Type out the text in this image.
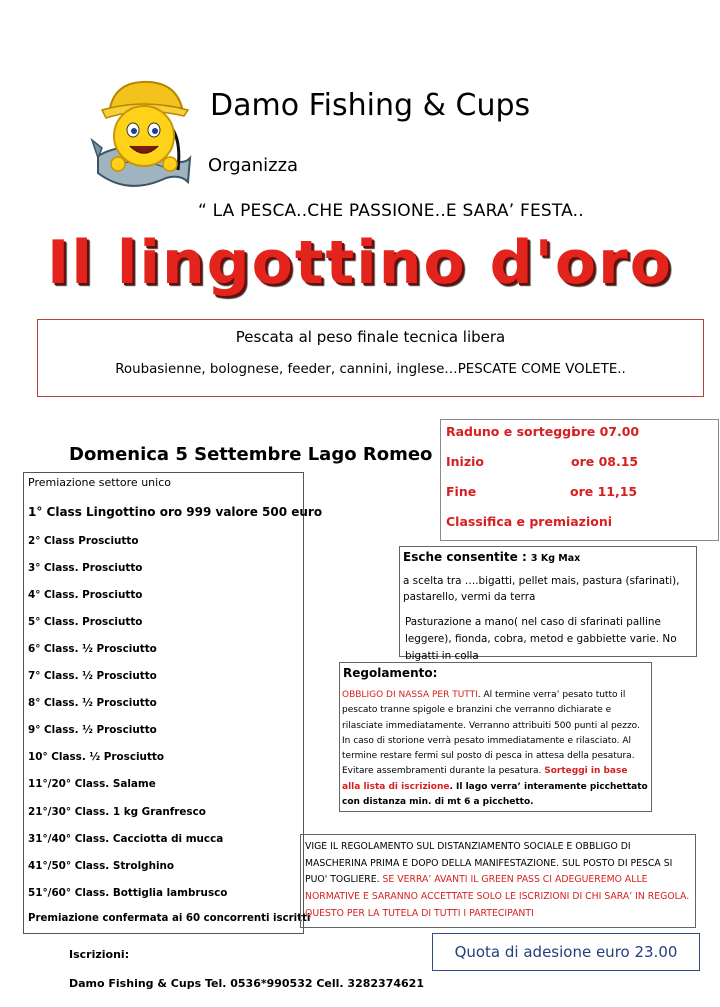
Damo Fishing & Cups
Organizza
“ LA PESCA..CHE PASSIONE..E SARA’ FESTA..
Il lingottino d'oro
Pescata al peso finale tecnica libera
Roubasienne, bolognese, feeder, cannini, inglese…PESCATE COME VOLETE..
Domenica 5 Settembre Lago Romeo
Raduno e sorteggi
ore 07.00
Inizio	ore 08.15
Fine	ore 11,15
Classifica e premiazioni
Premiazione settore unico
1° Class Lingottino oro 999 valore 500 euro
2° Class Prosciutto
3° Class. Prosciutto
4° Class. Prosciutto
5° Class. Prosciutto
6° Class. ½ Prosciutto
7° Class. ½ Prosciutto
8° Class. ½ Prosciutto
9° Class. ½ Prosciutto
10° Class. ½ Prosciutto
11°/20° Class. Salame
21°/30° Class. 1 kg Granfresco
31°/40° Class. Cacciotta di mucca
41°/50° Class. Strolghino
51°/60° Class. Bottiglia lambrusco
Premiazione confermata ai 60 concorrenti iscritti
Esche consentite : 3 Kg Max
a scelta tra ….bigatti, pellet mais, pastura (sfarinati), pastarello, vermi da terra
Pasturazione a mano( nel caso di sfarinati palline leggere), fionda, cobra, metod e gabbiette varie. No bigatti in colla
Regolamento:
OBBLIGO DI NASSA PER TUTTI. Al termine verra’ pesato tutto il pescato tranne spigole e branzini che verranno dichiarate e rilasciate immediatamente. Verranno attribuiti 500 punti al pezzo. In caso di storione verrà pesato immediatamente e rilasciato. Al termine restare fermi sul posto di pesca in attesa della pesatura. Evitare assembramenti durante la pesatura. Sorteggi in base alla lista di iscrizione. Il lago verra’ interamente picchettato con distanza min. di mt 6 a picchetto.
VIGE IL REGOLAMENTO SUL DISTANZIAMENTO SOCIALE E OBBLIGO DI MASCHERINA PRIMA E DOPO DELLA MANIFESTAZIONE. SUL POSTO DI PESCA SI PUO' TOGLIERE. SE VERRA’ AVANTI IL GREEN PASS CI ADEGUEREMO ALLE NORMATIVE E SARANNO ACCETTATE SOLO LE ISCRIZIONI DI CHI SARA’ IN REGOLA. QUESTO PER LA TUTELA DI TUTTI I PARTECIPANTI
Quota di adesione euro 23.00
Iscrizioni:
Damo Fishing & Cups Tel. 0536*990532 Cell. 3282374621
